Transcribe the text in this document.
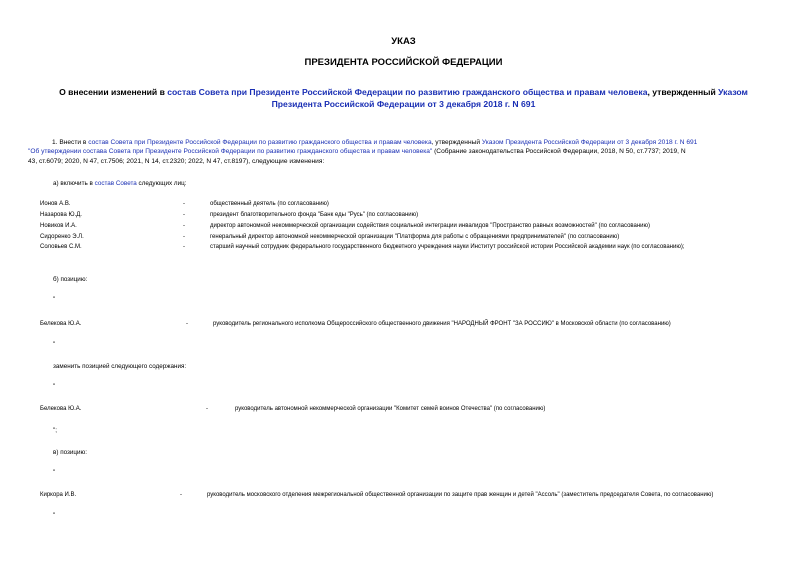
УКАЗ
ПРЕЗИДЕНТА РОССИЙСКОЙ ФЕДЕРАЦИИ
О внесении изменений в состав Совета при Президенте Российской Федерации по развитию гражданского общества и правам человека, утвержденный Указом
Президента Российской Федерации от 3 декабря 2018 г. N 691
1. Внести в состав Совета при Президенте Российской Федерации по развитию гражданского общества и правам человека, утвержденный Указом Президента Российской Федерации от 3 декабря 2018 г. N 691
"Об утверждении состава Совета при Президенте Российской Федерации по развитию гражданского общества и правам человека" (Собрание законодательства Российской Федерации, 2018, N 50, ст.7737; 2019, N
43, ст.6079; 2020, N 47, ст.7506; 2021, N 14, ст.2320; 2022, N 47, ст.8197), следующие изменения:
а) включить в состав Совета следующих лиц:
Ионов А.В.	-	общественный деятель (по согласованию)
Назарова Ю.Д.	-	президент благотворительного фонда "Банк еды "Русь" (по согласованию)
Новиков И.А.	-	директор автономной некоммерческой организации содействия социальной интеграции инвалидов "Пространство равных возможностей" (по согласованию)
Сидоренко Э.Л.	-	генеральный директор автономной некоммерческой организации "Платформа для работы с обращениями предпринимателей" (по согласованию)
Соловьев С.М.	-	старший научный сотрудник федерального государственного бюджетного учреждения науки Институт российской истории Российской академии наук (по согласованию);
б) позицию:
"
Белекова Ю.А.	-	руководитель регионального исполкома Общероссийского общественного движения "НАРОДНЫЙ ФРОНТ "ЗА РОССИЮ" в Московской области (по согласованию)
"
заменить позицией следующего содержания:
"
Белекова Ю.А.	-	руководитель автономной некоммерческой организации "Комитет семей воинов Отечества" (по согласованию)
";
в) позицию:
"
Киркора И.В.	-	руководитель московского отделения межрегиональной общественной организации по защите прав женщин и детей "Ассоль" (заместитель председателя Совета, по согласованию)
"
